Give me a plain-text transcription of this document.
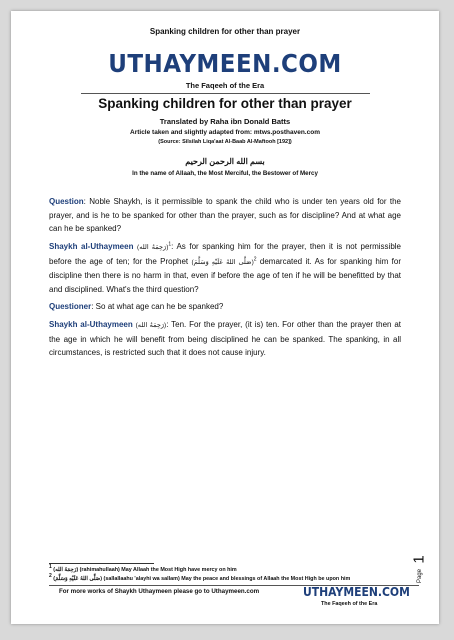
Spanking children for other than prayer
UTHAYMEEN.COM
The Faqeeh of the Era
Spanking children for other than prayer
Translated by Raha ibn Donald Batts
Article taken and slightly adapted from: mtws.posthaven.com
(Source: Silsilah Liqa'aat Al-Baab Al-Maftooh [192])
بسم الله الرحمن الرحيم
In the name of Allaah, the Most Merciful, the Bestower of Mercy
Question: Noble Shaykh, is it permissible to spank the child who is under ten years old for the prayer, and is he to be spanked for other than the prayer, such as for discipline? And at what age can he be spanked?
Shaykh al-Uthaymeen (رَحِمَهُ الله)$^1$: As for spanking him for the prayer, then it is not permissible before the age of ten; for the Prophet (صَلَّى اللهُ عَلَيْهِ وَسَلَّمَ)$^2$ demarcated it. As for spanking him for discipline then there is no harm in that, even if before the age of ten if he will be benefitted by that and disciplined. What's the third question?
Questioner: So at what age can he be spanked?
Shaykh al-Uthaymeen (رَحِمَهُ الله): Ten. For the prayer, (it is) ten. For other than the prayer then at the age in which he will benefit from being disciplined he can be spanked. The spanking, in all circumstances, is restricted such that it does not cause injury.
$^1$ (رَحِمَهُ الله) (rahimahullaah) May Allaah the Most High have mercy on him
$^2$ (صَلَّى اللهُ عَلَيْهِ وَسَلَّمَ) (sallallaahu 'alayhi wa sallam) May the peace and blessings of Allaah the Most High be upon him
For more works of Shaykh Uthaymeen please go to Uthaymeen.com	UTHAYMEEN.COM
The Faqeeh of the Era
1
Page
